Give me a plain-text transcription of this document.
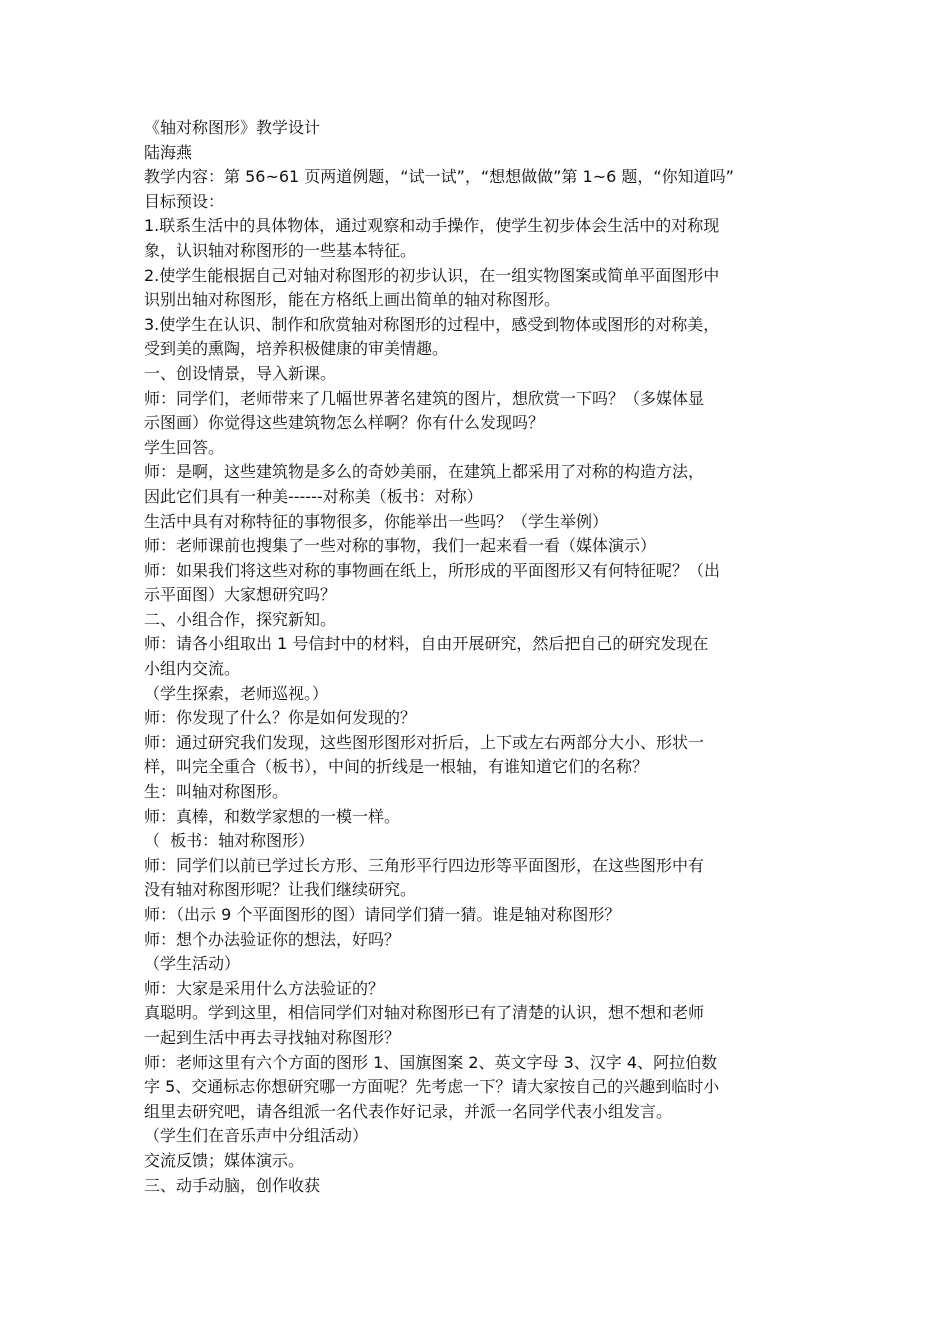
《轴对称图形》教学设计
陆海燕
教学内容：第 56~61 页两道例题，“试一试”，“想想做做”第 1~6 题，“你知道吗”
目标预设：
1.联系生活中的具体物体，通过观察和动手操作，使学生初步体会生活中的对称现
象，认识轴对称图形的一些基本特征。
2.使学生能根据自己对轴对称图形的初步认识，在一组实物图案或简单平面图形中
识别出轴对称图形，能在方格纸上画出简单的轴对称图形。
3.使学生在认识、制作和欣赏轴对称图形的过程中，感受到物体或图形的对称美，
受到美的熏陶，培养积极健康的审美情趣。
一、创设情景，导入新课。
师：同学们，老师带来了几幅世界著名建筑的图片，想欣赏一下吗？（多媒体显
示图画）你觉得这些建筑物怎么样啊？你有什么发现吗？
学生回答。
师：是啊，这些建筑物是多么的奇妙美丽，在建筑上都采用了对称的构造方法，
因此它们具有一种美------对称美（板书：对称）
生活中具有对称特征的事物很多，你能举出一些吗？（学生举例）
师：老师课前也搜集了一些对称的事物，我们一起来看一看（媒体演示）
师：如果我们将这些对称的事物画在纸上，所形成的平面图形又有何特征呢？（出
示平面图）大家想研究吗？
二、小组合作，探究新知。
师：请各小组取出 1 号信封中的材料，自由开展研究，然后把自己的研究发现在
小组内交流。
（学生探索，老师巡视。）
师：你发现了什么？你是如何发现的？
师：通过研究我们发现，这些图形图形对折后，上下或左右两部分大小、形状一
样，叫完全重合（板书），中间的折线是一根轴，有谁知道它们的名称？
生：叫轴对称图形。
师：真棒，和数学家想的一模一样。
（  板书：轴对称图形）
师：同学们以前已学过长方形、三角形平行四边形等平面图形，在这些图形中有
没有轴对称图形呢？让我们继续研究。
师：（出示 9 个平面图形的图）请同学们猜一猜。谁是轴对称图形？
师：想个办法验证你的想法，好吗？
（学生活动）
师：大家是采用什么方法验证的？
真聪明。学到这里，相信同学们对轴对称图形已有了清楚的认识，想不想和老师
一起到生活中再去寻找轴对称图形？
师：老师这里有六个方面的图形 1、国旗图案 2、英文字母 3、汉字 4、阿拉伯数
字 5、交通标志你想研究哪一方面呢？先考虑一下？请大家按自己的兴趣到临时小
组里去研究吧，请各组派一名代表作好记录，并派一名同学代表小组发言。
（学生们在音乐声中分组活动）
交流反馈；媒体演示。
三、动手动脑，创作收获
